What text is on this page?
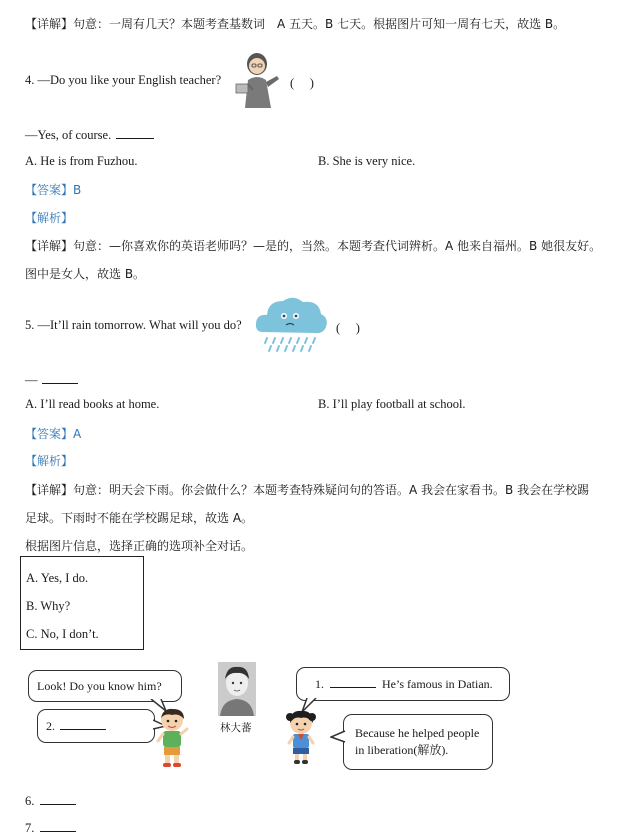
【详解】句意：一周有几天？本题考查基数词　A 五天。B 七天。根据图片可知一周有七天，故选 B。
4. —Do you like your English teacher?	(　 )
—Yes, of course.
A. He is from Fuzhou.	B. She is very nice.
【答案】B
【解析】
【详解】句意：—你喜欢你的英语老师吗？—是的，当然。本题考查代词辨析。A 他来自福州。B 她很友好。
图中是女人，故选 B。
5. —It’ll rain tomorrow. What will you do?	(　 )
—
A. I’ll read books at home.	B. I’ll play football at school.
【答案】A
【解析】
【详解】句意：明天会下雨。你会做什么？本题考查特殊疑问句的答语。A 我会在家看书。B 我会在学校踢
足球。下雨时不能在学校踢足球，故选 A。
根据图片信息，选择正确的选项补全对话。
A. Yes, I do.
B. Why?
C. No, I don’t.
Look! Do you know him?
2.	林大蕃
1.	He’s famous in Datian.
Because he helped people
in liberation(解放).
6.
7.
